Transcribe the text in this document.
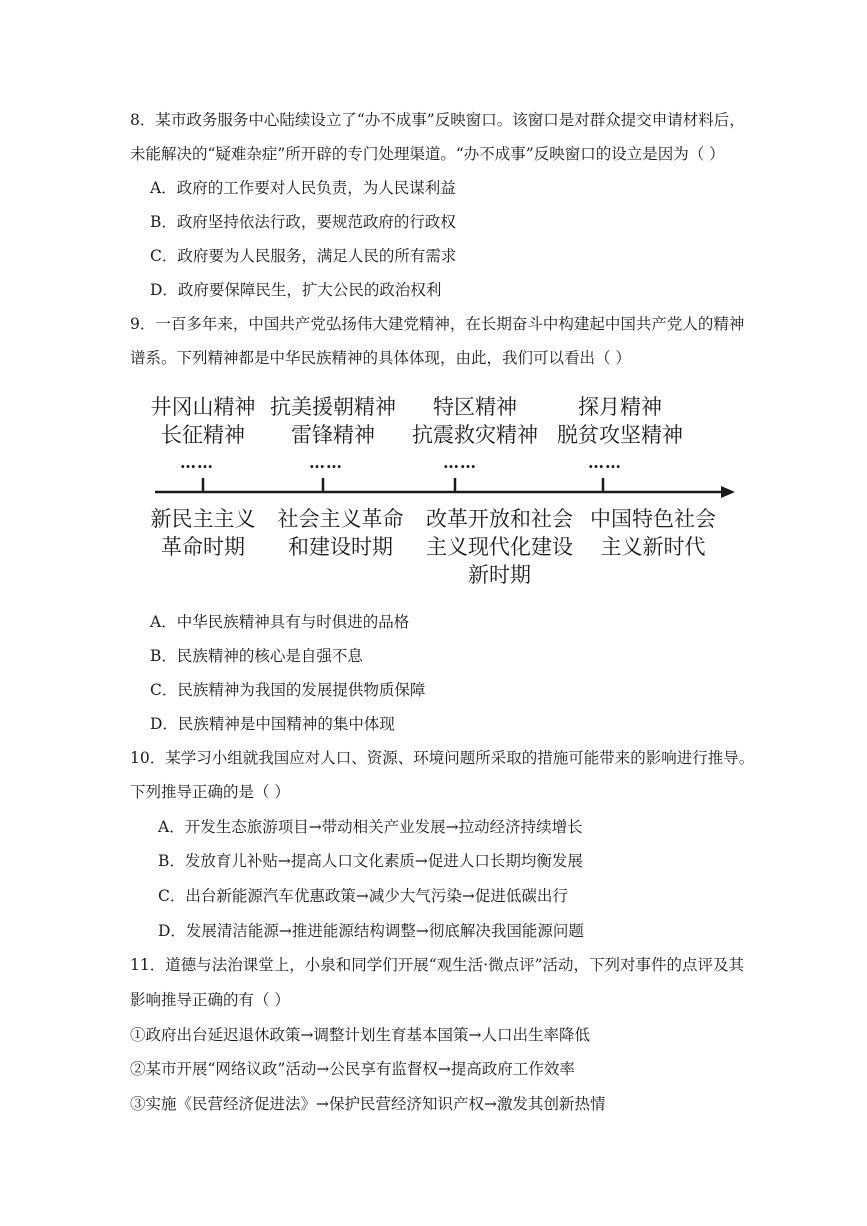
8．某市政务服务中心陆续设立了“办不成事”反映窗口。该窗口是对群众提交申请材料后，
未能解决的“疑难杂症”所开辟的专门处理渠道。“办不成事”反映窗口的设立是因为（ ）
A．政府的工作要对人民负责，为人民谋利益
B．政府坚持依法行政，要规范政府的行政权
C．政府要为人民服务，满足人民的所有需求
D．政府要保障民生，扩大公民的政治权利
9．一百多年来，中国共产党弘扬伟大建党精神，在长期奋斗中构建起中国共产党人的精神
谱系。下列精神都是中华民族精神的具体体现，由此，我们可以看出（ ）
井冈山精神
长征精神
抗美援朝精神
雷锋精神
特区精神
抗震救灾精神
探月精神
脱贫攻坚精神
……	……	……	……
新民主主义
革命时期
社会主义革命
和建设时期
改革开放和社会
主义现代化建设
新时期
中国特色社会
主义新时代
A．中华民族精神具有与时俱进的品格
B．民族精神的核心是自强不息
C．民族精神为我国的发展提供物质保障
D．民族精神是中国精神的集中体现
10．某学习小组就我国应对人口、资源、环境问题所采取的措施可能带来的影响进行推导。
下列推导正确的是（ ）
A．开发生态旅游项目→带动相关产业发展→拉动经济持续增长
B．发放育儿补贴→提高人口文化素质→促进人口长期均衡发展
C．出台新能源汽车优惠政策→减少大气污染→促进低碳出行
D．发展清洁能源→推进能源结构调整→彻底解决我国能源问题
11．道德与法治课堂上，小泉和同学们开展“观生活·微点评”活动，下列对事件的点评及其
影响推导正确的有（ ）
①政府出台延迟退休政策→调整计划生育基本国策→人口出生率降低
②某市开展“网络议政”活动→公民享有监督权→提高政府工作效率
③实施《民营经济促进法》→保护民营经济知识产权→激发其创新热情
